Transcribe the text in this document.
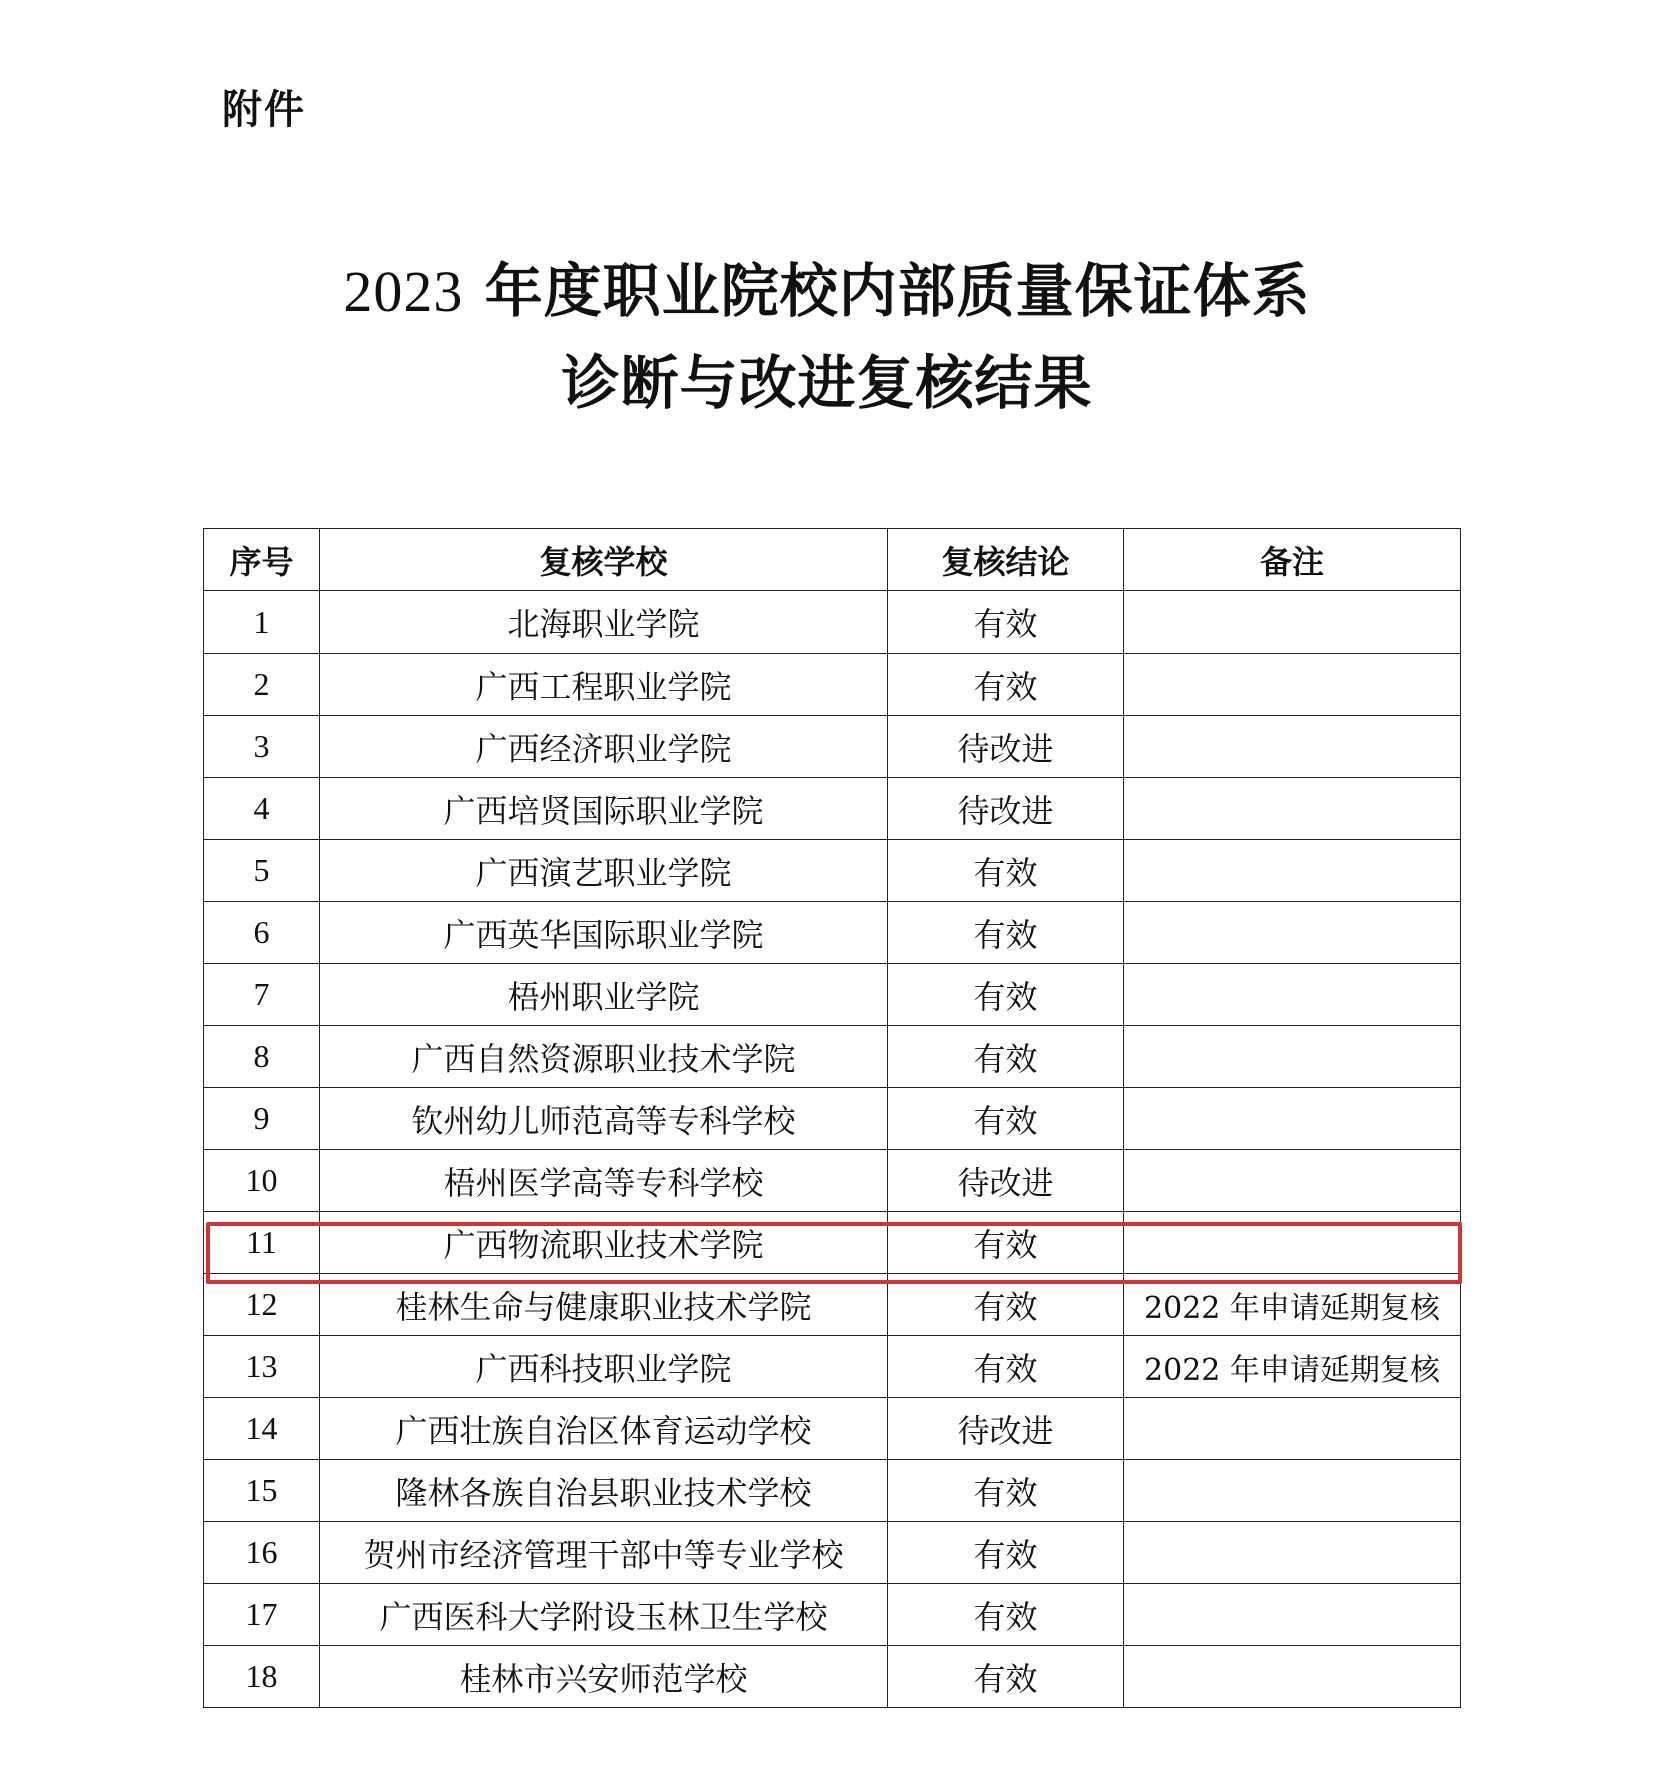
附件
2023 年度职业院校内部质量保证体系
诊断与改进复核结果
序号	复核学校	复核结论	备注
1	北海职业学院	有效	
2	广西工程职业学院	有效	
3	广西经济职业学院	待改进	
4	广西培贤国际职业学院	待改进	
5	广西演艺职业学院	有效	
6	广西英华国际职业学院	有效	
7	梧州职业学院	有效	
8	广西自然资源职业技术学院	有效	
9	钦州幼儿师范高等专科学校	有效	
10	梧州医学高等专科学校	待改进	
11	广西物流职业技术学院	有效	
12	桂林生命与健康职业技术学院	有效	2022 年申请延期复核
13	广西科技职业学院	有效	2022 年申请延期复核
14	广西壮族自治区体育运动学校	待改进	
15	隆林各族自治县职业技术学校	有效	
16	贺州市经济管理干部中等专业学校	有效	
17	广西医科大学附设玉林卫生学校	有效	
18	桂林市兴安师范学校	有效	
